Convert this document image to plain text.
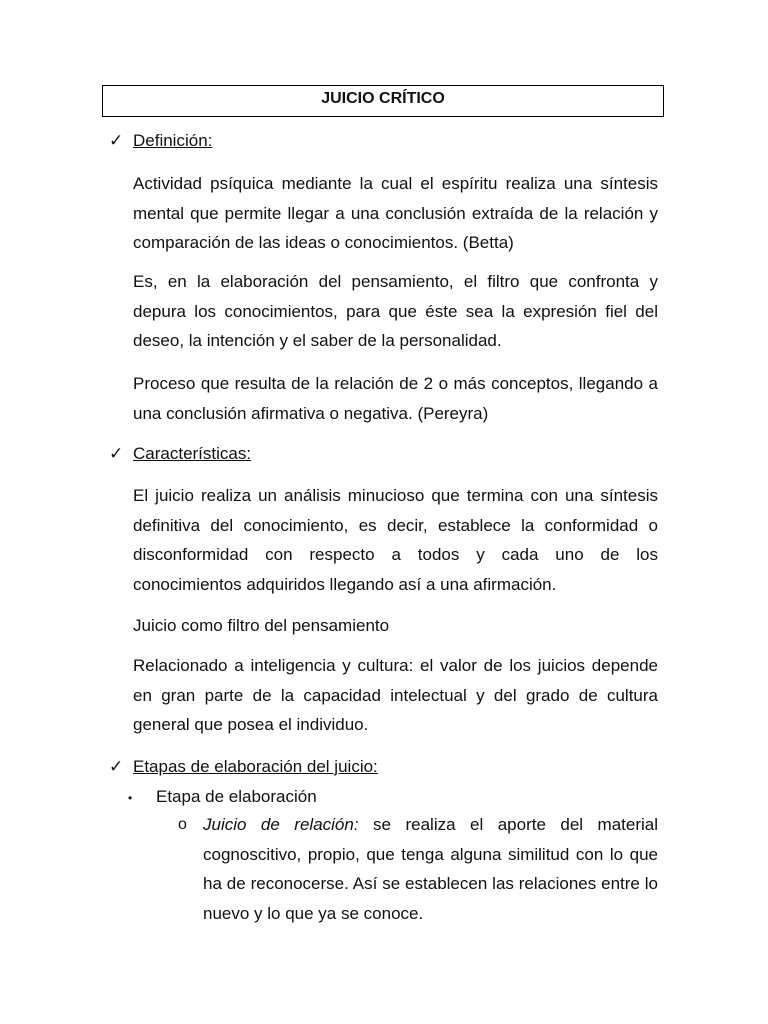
JUICIO CRÍTICO
✓ Definición:
Actividad psíquica mediante la cual el espíritu realiza una síntesis mental que permite llegar a una conclusión extraída de la relación y comparación de las ideas o conocimientos. (Betta)
Es, en la elaboración del pensamiento, el filtro que confronta y depura los conocimientos, para que éste sea la expresión fiel del deseo, la intención y el saber de la personalidad.
Proceso que resulta de la relación de 2 o más conceptos, llegando a una conclusión afirmativa o negativa. (Pereyra)
✓ Características:
El juicio realiza un análisis minucioso que termina con una síntesis definitiva del conocimiento, es decir, establece la conformidad o disconformidad con respecto a todos y cada uno de los conocimientos adquiridos llegando así a una afirmación.
Juicio como filtro del pensamiento
Relacionado a inteligencia y cultura: el valor de los juicios depende en gran parte de la capacidad intelectual y del grado de cultura general que posea el individuo.
✓ Etapas de elaboración del juicio:
• Etapa de elaboración
o Juicio de relación: se realiza el aporte del material cognoscitivo, propio, que tenga alguna similitud con lo que ha de reconocerse. Así se establecen las relaciones entre lo nuevo y lo que ya se conoce.
